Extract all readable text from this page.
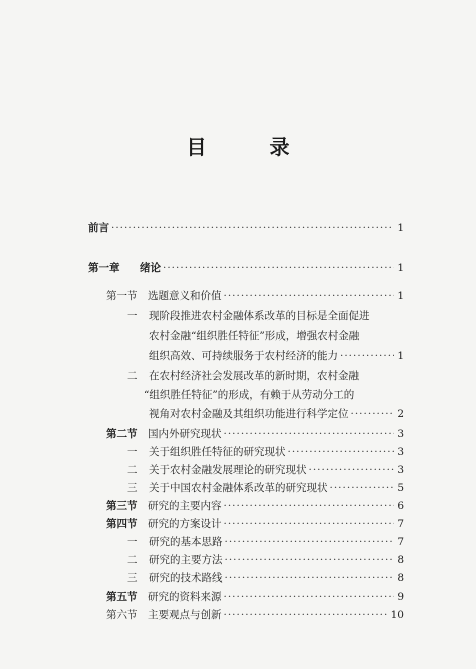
目 录
前言 ·····	1
第一章	绪论 ·····	1
第一节	选题意义和价值 ·····	1
一 现阶段推进农村金融体系改革的目标是全面促进
农村金融“组织胜任特征”形成，增强农村金融
组织高效、可持续服务于农村经济的能力 ·····	1
二 在农村经济社会发展改革的新时期，农村金融
“组织胜任特征”的形成，有赖于从劳动分工的
视角对农村金融及其组织功能进行科学定位 ·····	2
第二节	国内外研究现状 ·····	3
一	关于组织胜任特征的研究现状 ·····	3
二	关于农村金融发展理论的研究现状 ·····	3
三	关于中国农村金融体系改革的研究现状 ·····	5
第三节	研究的主要内容 ·····	6
第四节	研究的方案设计 ·····	7
一	研究的基本思路 ·····	7
二	研究的主要方法 ·····	8
三	研究的技术路线 ·····	8
第五节	研究的资料来源 ·····	9
第六节	主要观点与创新 ·····	10
